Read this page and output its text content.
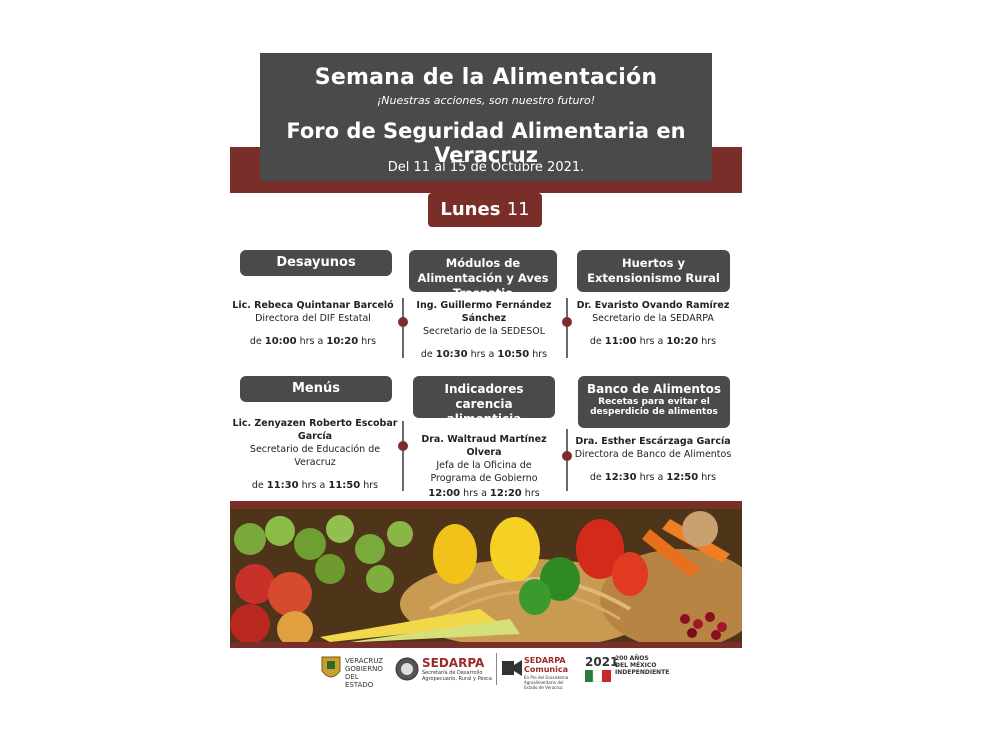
Semana de la Alimentación
¡Nuestras acciones, son nuestro futuro!
Foro de Seguridad Alimentaria en Veracruz
Del 11 al 15 de Octubre 2021.
Lunes 11
Desayunos Escolares
Módulos de Alimentación y Aves Traspatio
Huertos y Extensionismo Rural
Lic. Rebeca Quintanar Barceló
Directora del DIF Estatal
de 10:00 hrs a 10:20 hrs
Ing. Guillermo Fernández Sánchez
Secretario de la SEDESOL
de 10:30 hrs a 10:50 hrs
Dr. Evaristo Ovando Ramírez
Secretario de la SEDARPA
de 11:00 hrs a 10:20 hrs
Menús regionalizados
Indicadores carencia alimenticia
Banco de Alimentos
Recetas para evitar el desperdicio de alimentos
Lic. Zenyazen Roberto Escobar García
Secretario de Educación de Veracruz
de 11:30 hrs a 11:50 hrs
Dra. Waltraud Martínez Olvera
Jefa de la Oficina de Programa de Gobierno
12:00 hrs a 12:20 hrs
Dra. Esther Escárzaga García
Directora de Banco de Alimentos
de 12:30 hrs a 12:50 hrs
VERACRUZ GOBIERNO DEL ESTADO
SEDARPA
Secretaría de Desarrollo Agropecuario, Rural y Pesca
SEDARPA Comunica
En Pro del Ecosistema Agroalimentario del Estado de Veracruz
2021
200 AÑOS DEL MÉXICO INDEPENDIENTE
